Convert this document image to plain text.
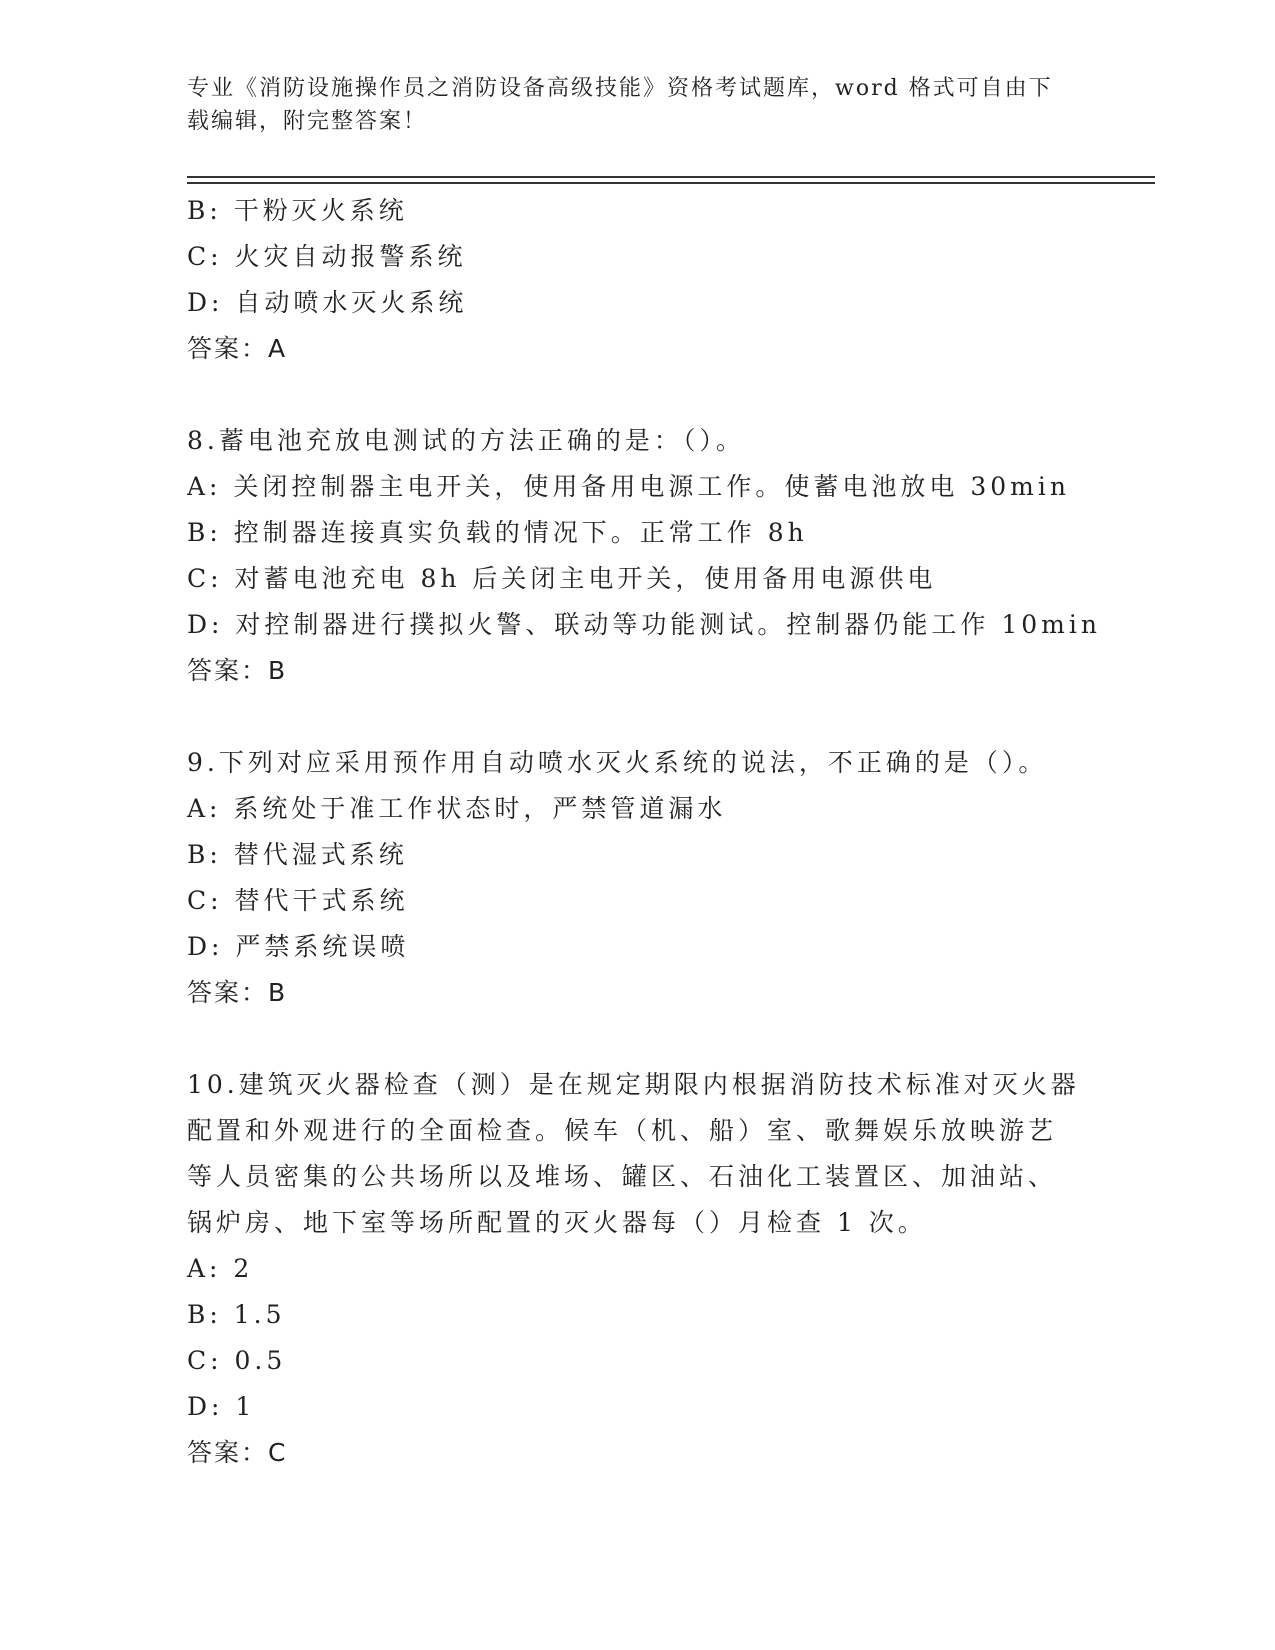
专业《消防设施操作员之消防设备高级技能》资格考试题库，word 格式可自由下
载编辑，附完整答案！
B: 干粉灭火系统
C: 火灾自动报警系统
D: 自动喷水灭火系统
答案：A
8.蓄电池充放电测试的方法正确的是：（）。
A: 关闭控制器主电开关，使用备用电源工作。使蓄电池放电 30min
B: 控制器连接真实负载的情况下。正常工作 8h
C: 对蓄电池充电 8h 后关闭主电开关，使用备用电源供电
D: 对控制器进行撲拟火警、联动等功能测试。控制器仍能工作 10min
答案：B
9.下列对应采用预作用自动喷水灭火系统的说法，不正确的是（）。
A: 系统处于准工作状态时，严禁管道漏水
B: 替代湿式系统
C: 替代干式系统
D: 严禁系统误喷
答案：B
10.建筑灭火器检查（测）是在规定期限内根据消防技术标准对灭火器
配置和外观进行的全面检查。候车（机、船）室、歌舞娱乐放映游艺
等人员密集的公共场所以及堆场、罐区、石油化工装置区、加油站、
锅炉房、地下室等场所配置的灭火器每（）月检查 1 次。
A: 2
B: 1.5
C: 0.5
D: 1
答案：C
